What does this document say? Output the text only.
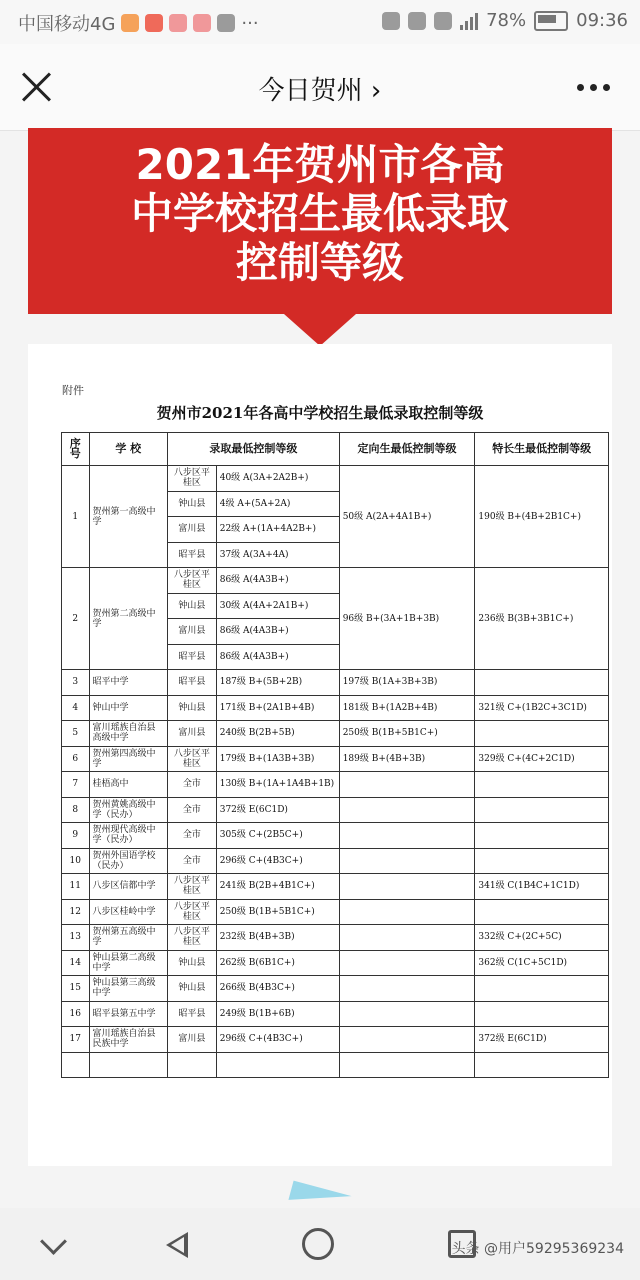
中国移动4G	···	78%	09:36
今日贺州 ›
2021年贺州市各高
中学校招生最低录取
控制等级
附件
贺州市2021年各高中学校招生最低录取控制等级
序号	学 校	录取最低控制等级		定向生最低控制等级	特长生最低控制等级
1	贺州第一高级中学	八步区平桂区	40级 A(3A+2A2B+)	50级 A(2A+4A1B+)	190级 B+(4B+2B1C+)
		钟山县	4级 A+(5A+2A)		
		富川县	22级 A+(1A+4A2B+)		
		昭平县	37级 A(3A+4A)		
2	贺州第二高级中学	八步区平桂区	86级 A(4A3B+)	96级 B+(3A+1B+3B)	236级 B(3B+3B1C+)
		钟山县	30级 A(4A+2A1B+)		
		富川县	86级 A(4A3B+)		
		昭平县	86级 A(4A3B+)		
3	昭平中学	昭平县	187级 B+(5B+2B)	197级 B(1A+3B+3B)	
4	钟山中学	钟山县	171级 B+(2A1B+4B)	181级 B+(1A2B+4B)	321级 C+(1B2C+3C1D)
5	富川瑶族自治县高级中学	富川县	240级 B(2B+5B)	250级 B(1B+5B1C+)	
6	贺州第四高级中学	八步区平桂区	179级 B+(1A3B+3B)	189级 B+(4B+3B)	329级 C+(4C+2C1D)
7	桂梧高中	全市	130级 B+(1A+1A4B+1B)		
8	贺州黄姚高级中学（民办）	全市	372级 E(6C1D)		
9	贺州现代高级中学（民办）	全市	305级 C+(2B5C+)		
10	贺州外国语学校（民办）	全市	296级 C+(4B3C+)		
11	八步区信都中学	八步区平桂区	241级 B(2B+4B1C+)		341级 C(1B4C+1C1D)
12	八步区桂岭中学	八步区平桂区	250级 B(1B+5B1C+)		
13	贺州第五高级中学	八步区平桂区	232级 B(4B+3B)		332级 C+(2C+5C)
14	钟山县第二高级中学	钟山县	262级 B(6B1C+)		362级 C(1C+5C1D)
15	钟山县第三高级中学	钟山县	266级 B(4B3C+)		
16	昭平县第五中学	昭平县	249级 B(1B+6B)		
17	富川瑶族自治县民族中学	富川县	296级 C+(4B3C+)		372级 E(6C1D)

头条 @用户59295369234
